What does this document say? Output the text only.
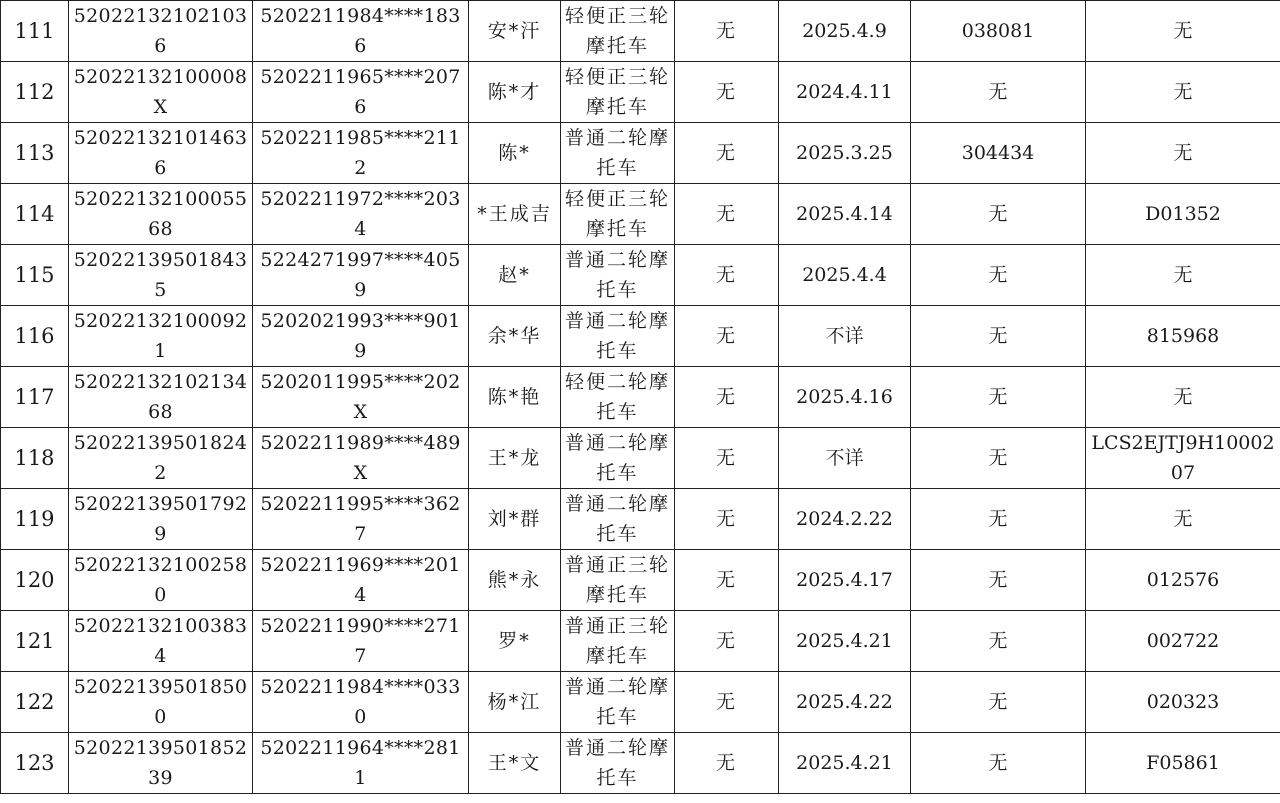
111	520221321021036	5202211984****1836	安*汗	轻便正三轮摩托车	无	2025.4.9	038081	无
112	52022132100008X	5202211965****2076	陈*才	轻便正三轮摩托车	无	2024.4.11	无	无
113	520221321014636	5202211985****2112	陈*	普通二轮摩托车	无	2025.3.25	304434	无
114	5202213210005568	5202211972****2034	*王成吉	轻便正三轮摩托车	无	2025.4.14	无	D01352
115	520221395018435	5224271997****4059	赵*	普通二轮摩托车	无	2025.4.4	无	无
116	520221321000921	5202021993****9019	余*华	普通二轮摩托车	无	不详	无	815968
117	5202213210213468	5202011995****202X	陈*艳	轻便二轮摩托车	无	2025.4.16	无	无
118	520221395018242	5202211989****489X	王*龙	普通二轮摩托车	无	不详	无	LCS2EJTJ9H1000207
119	520221395017929	5202211995****3627	刘*群	普通二轮摩托车	无	2024.2.22	无	无
120	520221321002580	5202211969****2014	熊*永	普通正三轮摩托车	无	2025.4.17	无	012576
121	520221321003834	5202211990****2717	罗*	普通正三轮摩托车	无	2025.4.21	无	002722
122	520221395018500	5202211984****0330	杨*江	普通二轮摩托车	无	2025.4.22	无	020323
123	5202213950185239	5202211964****2811	王*文	普通二轮摩托车	无	2025.4.21	无	F05861
